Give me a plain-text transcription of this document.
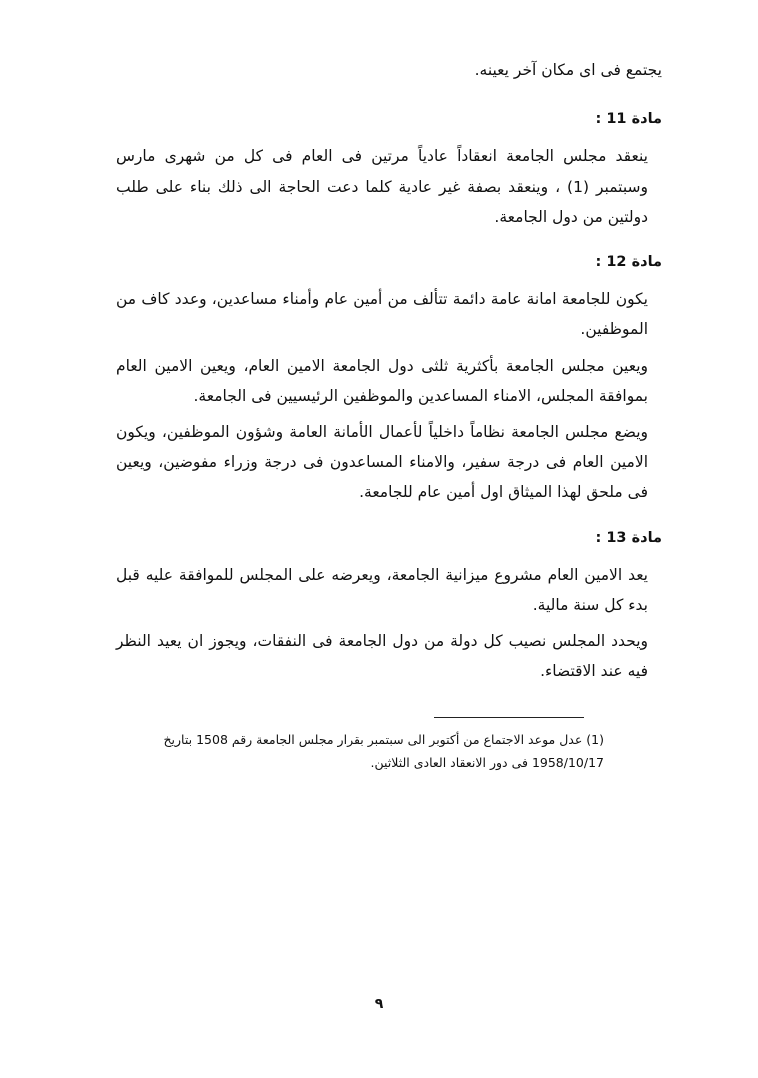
يجتمع فى اى مكان آخر يعينه.

مادة 11 :

ينعقد مجلس الجامعة انعقاداً عادياً مرتين فى العام فى كل من شهرى مارس وسبتمبر (1) ، وينعقد بصفة غير عادية كلما دعت الحاجة الى ذلك بناء على طلب دولتين من دول الجامعة.

مادة 12 :

يكون للجامعة امانة عامة دائمة تتألف من أمين عام وأمناء مساعدين، وعدد كاف من الموظفين.

ويعين مجلس الجامعة بأكثرية ثلثى دول الجامعة الامين العام، ويعين الامين العام بموافقة المجلس، الامناء المساعدين والموظفين الرئيسيين فى الجامعة.

ويضع مجلس الجامعة نظاماً داخلياً لأعمال الأمانة العامة وشؤون الموظفين، ويكون الامين العام فى درجة سفير، والامناء المساعدون فى درجة وزراء مفوضين، ويعين فى ملحق لهذا الميثاق اول أمين عام للجامعة.

مادة 13 :

يعد الامين العام مشروع ميزانية الجامعة، ويعرضه على المجلس للموافقة عليه قبل بدء كل سنة مالية.

ويحدد المجلس نصيب كل دولة من دول الجامعة فى النفقات، ويجوز ان يعيد النظر فيه عند الاقتضاء.

(1) عدل موعد الاجتماع من أكتوبر الى سبتمبر بقرار مجلس الجامعة رقم 1508 بتاريخ 1958/10/17 فى دور الانعقاد العادى الثلاثين.

٩
